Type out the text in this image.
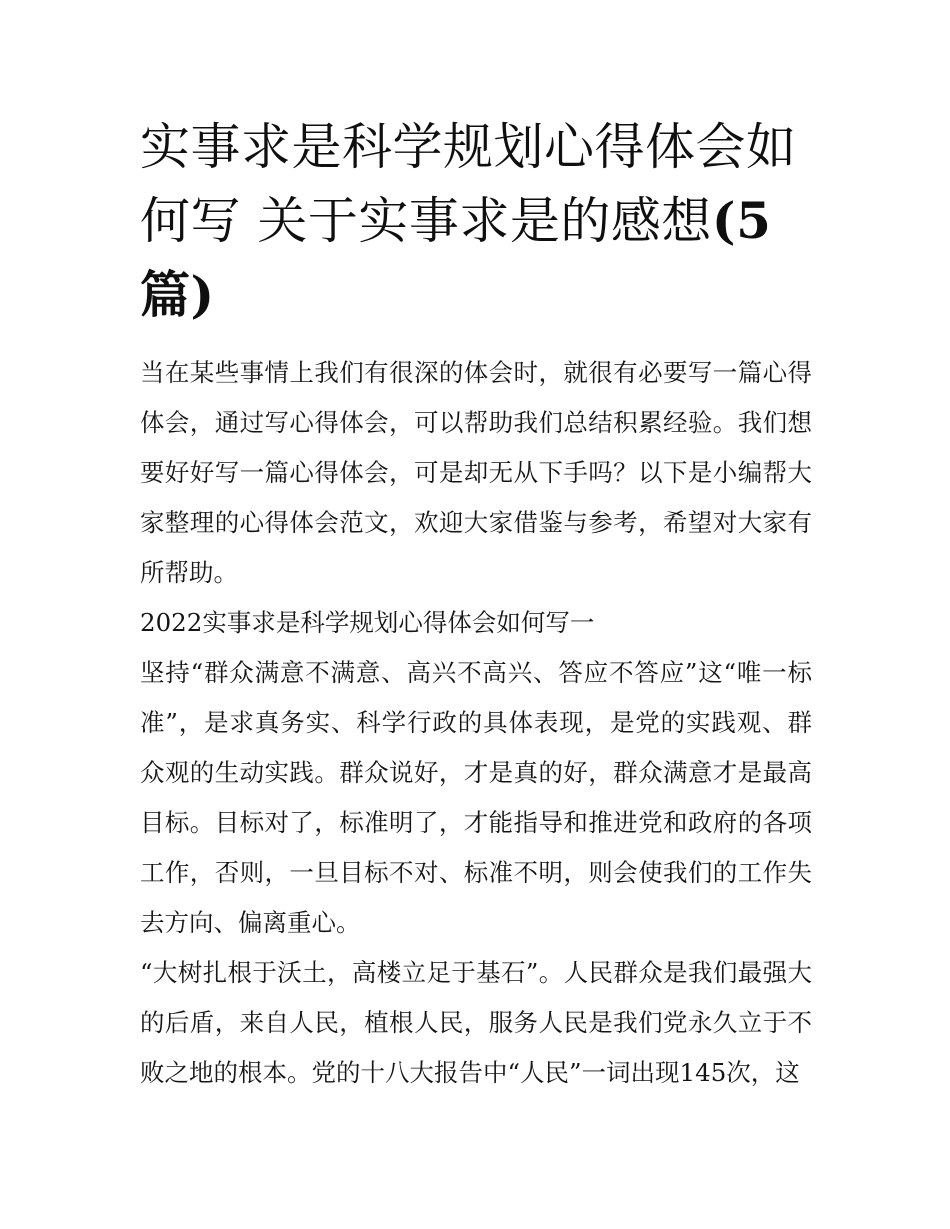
实事求是科学规划心得体会如何写 关于实事求是的感想(5篇)

当在某些事情上我们有很深的体会时，就很有必要写一篇心得体会，通过写心得体会，可以帮助我们总结积累经验。我们想要好好写一篇心得体会，可是却无从下手吗？以下是小编帮大家整理的心得体会范文，欢迎大家借鉴与参考，希望对大家有所帮助。

2022实事求是科学规划心得体会如何写一

坚持“群众满意不满意、高兴不高兴、答应不答应”这“唯一标准”，是求真务实、科学行政的具体表现，是党的实践观、群众观的生动实践。群众说好，才是真的好，群众满意才是最高目标。目标对了，标准明了，才能指导和推进党和政府的各项工作，否则，一旦目标不对、标准不明，则会使我们的工作失去方向、偏离重心。

“大树扎根于沃土，高楼立足于基石”。人民群众是我们最强大的后盾，来自人民，植根人民，服务人民是我们党永久立于不败之地的根本。党的十八大报告中“人民”一词出现145次，这
